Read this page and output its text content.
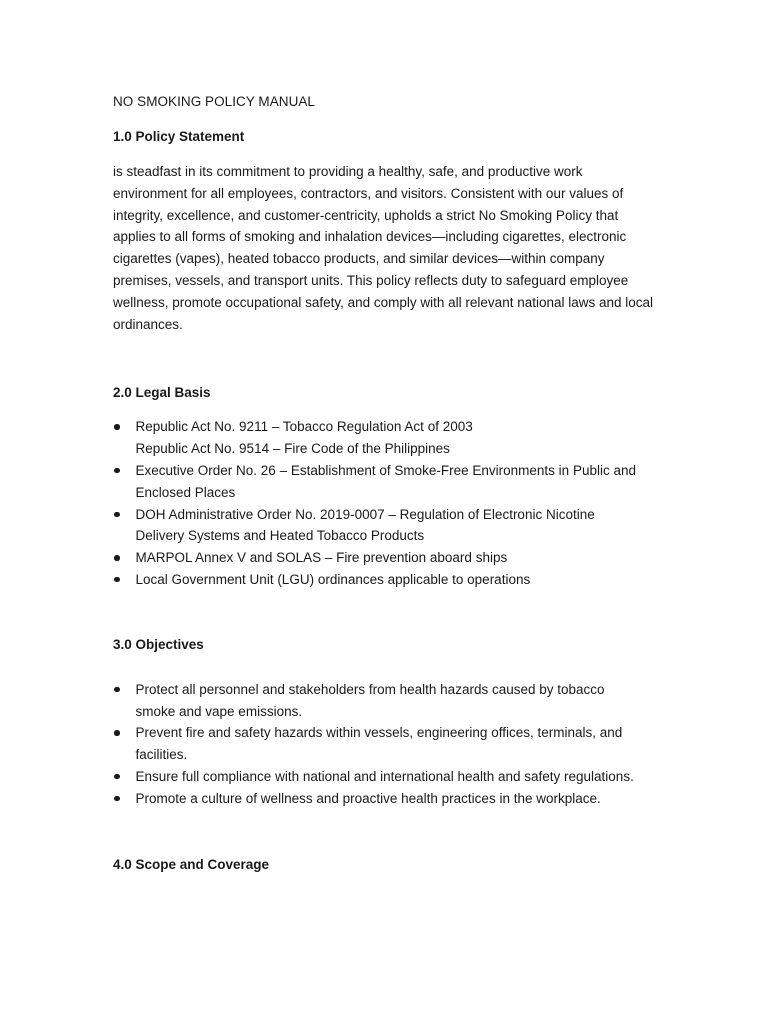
NO SMOKING POLICY MANUAL

1.0 Policy Statement

is steadfast in its commitment to providing a healthy, safe, and productive work environment for all employees, contractors, and visitors. Consistent with our values of integrity, excellence, and customer-centricity, upholds a strict No Smoking Policy that applies to all forms of smoking and inhalation devices—including cigarettes, electronic cigarettes (vapes), heated tobacco products, and similar devices—within company premises, vessels, and transport units. This policy reflects duty to safeguard employee wellness, promote occupational safety, and comply with all relevant national laws and local ordinances.

2.0 Legal Basis

Republic Act No. 9211 – Tobacco Regulation Act of 2003
Republic Act No. 9514 – Fire Code of the Philippines
Executive Order No. 26 – Establishment of Smoke-Free Environments in Public and
Enclosed Places
DOH Administrative Order No. 2019-0007 – Regulation of Electronic Nicotine
Delivery Systems and Heated Tobacco Products
MARPOL Annex V and SOLAS – Fire prevention aboard ships
Local Government Unit (LGU) ordinances applicable to operations

3.0 Objectives

Protect all personnel and stakeholders from health hazards caused by tobacco
smoke and vape emissions.
Prevent fire and safety hazards within vessels, engineering offices, terminals, and
facilities.
Ensure full compliance with national and international health and safety regulations.
Promote a culture of wellness and proactive health practices in the workplace.

4.0 Scope and Coverage
